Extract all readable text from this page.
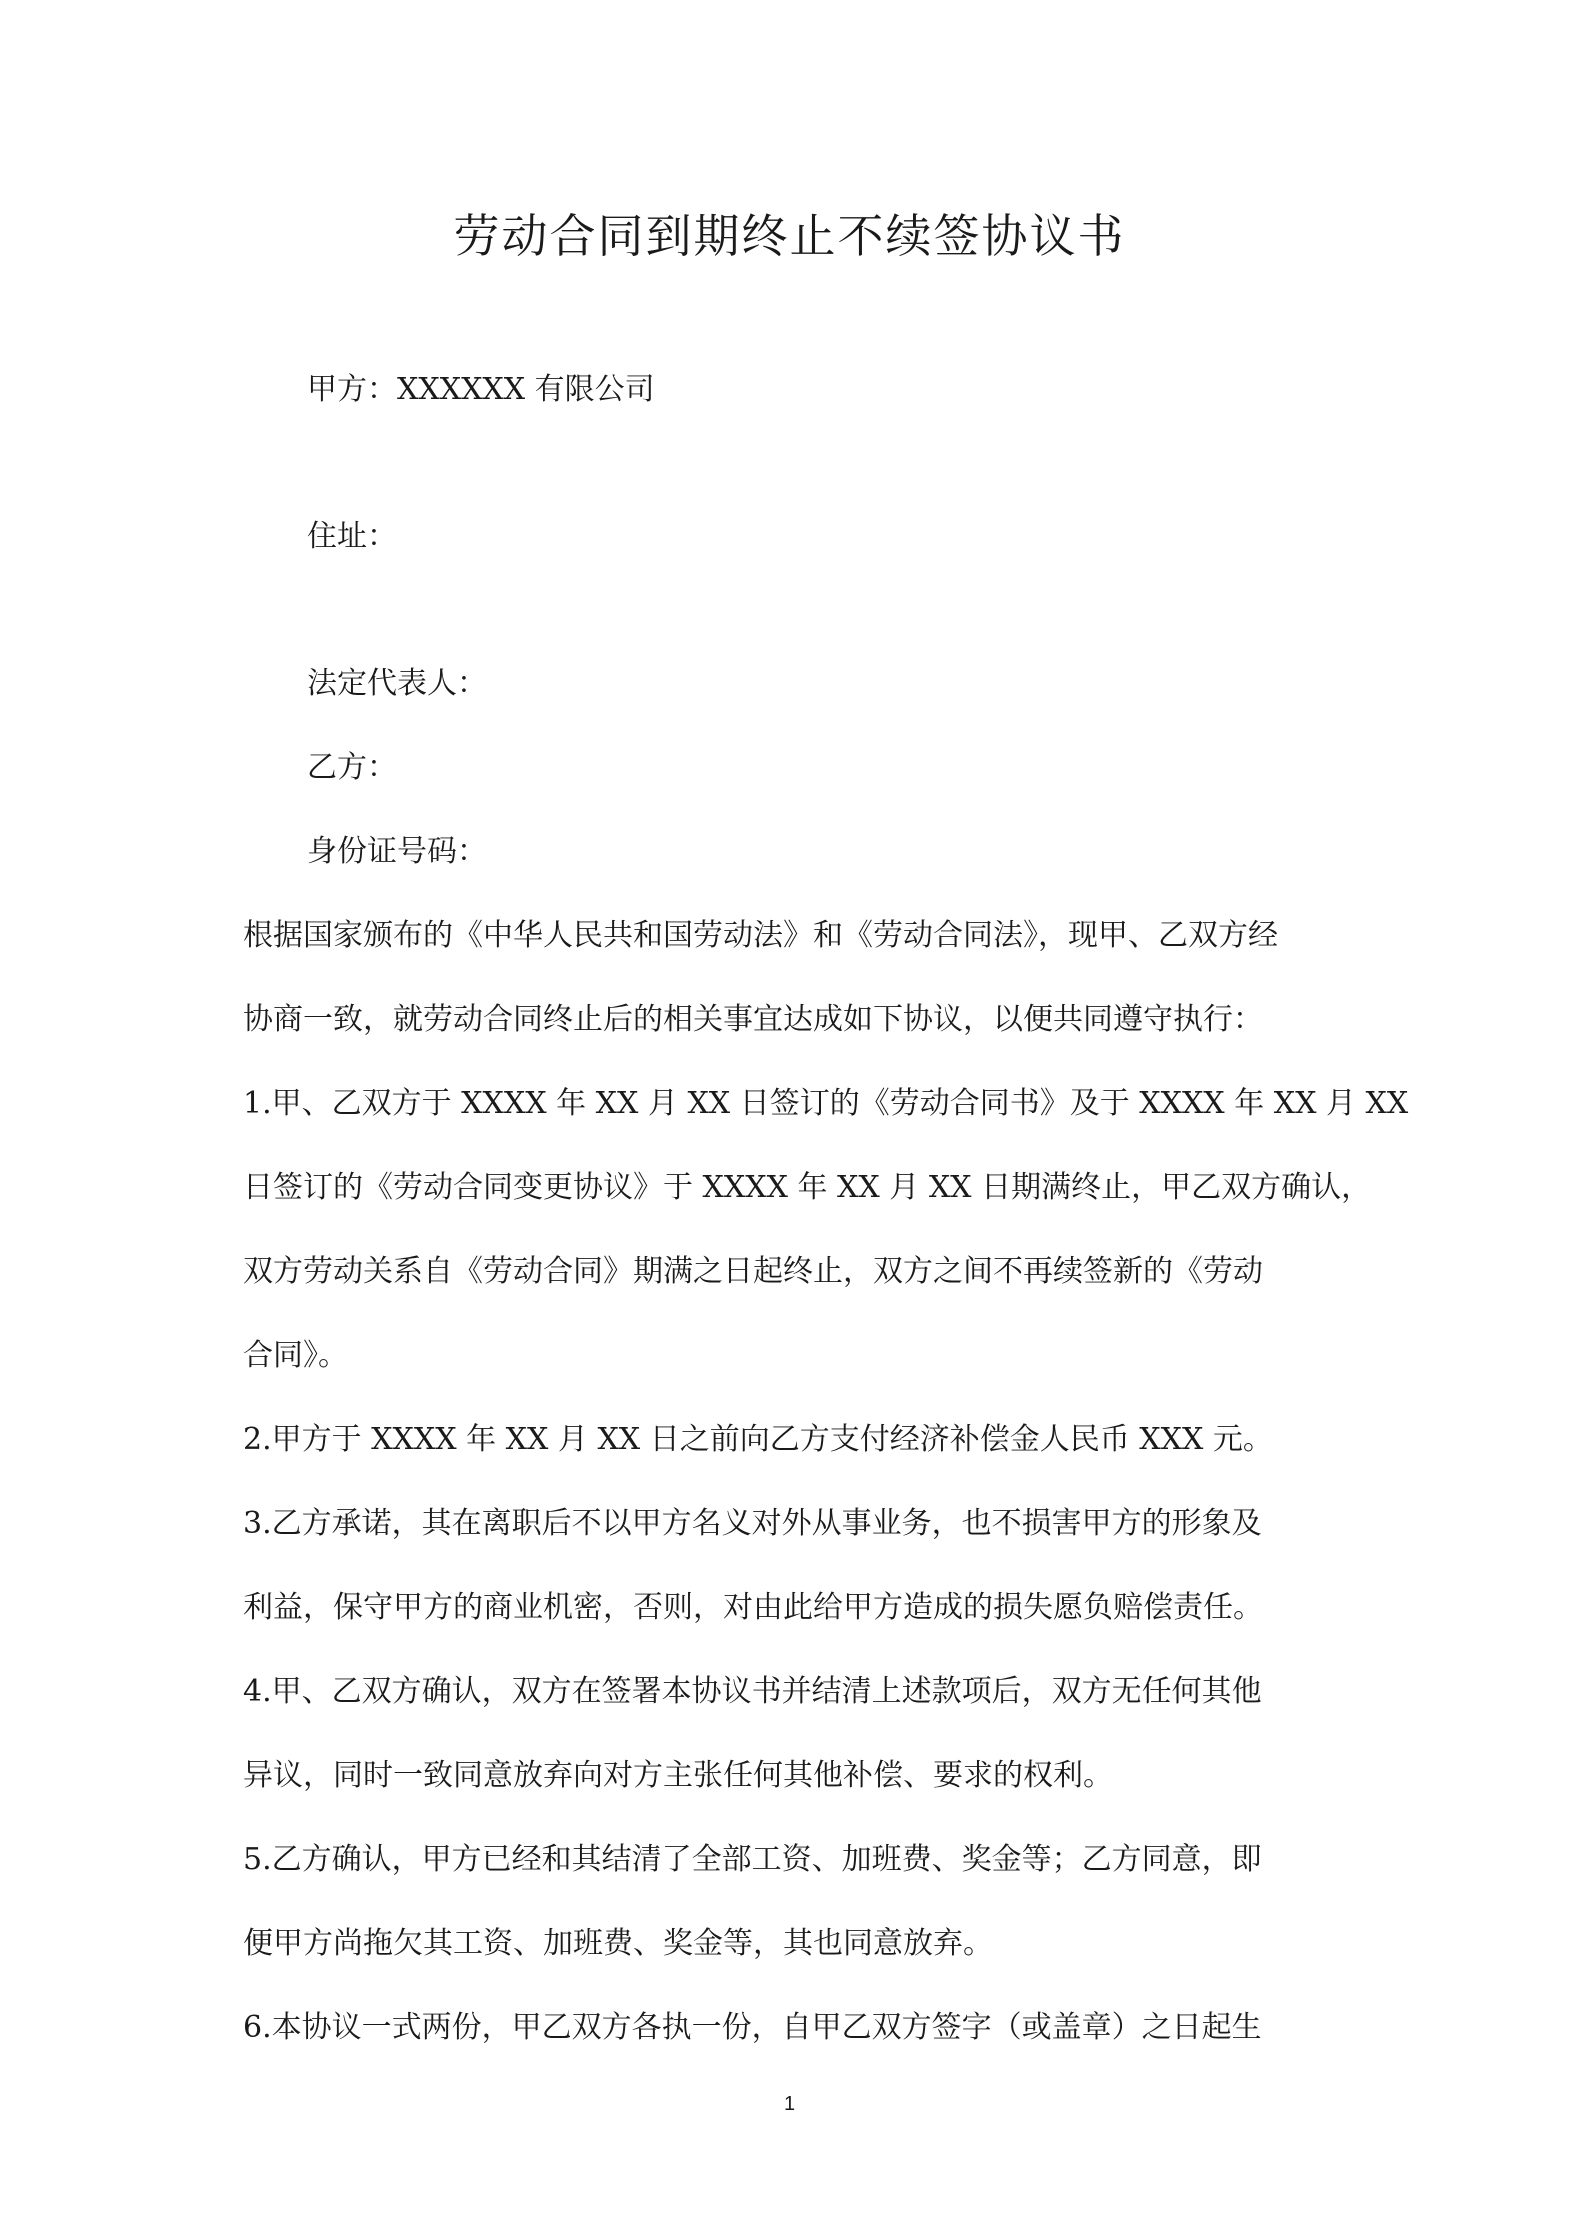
劳动合同到期终止不续签协议书

甲方：XXXXXX 有限公司

住址：

法定代表人：

乙方：

身份证号码：

根据国家颁布的《中华人民共和国劳动法》和《劳动合同法》，现甲、乙双方经

协商一致，就劳动合同终止后的相关事宜达成如下协议，以便共同遵守执行：

1.甲、乙双方于 XXXX 年 XX 月 XX 日签订的《劳动合同书》及于 XXXX 年 XX 月 XX

日签订的《劳动合同变更协议》于 XXXX 年 XX 月 XX 日期满终止，甲乙双方确认，

双方劳动关系自《劳动合同》期满之日起终止，双方之间不再续签新的《劳动

合同》。

2.甲方于 XXXX 年 XX 月 XX 日之前向乙方支付经济补偿金人民币 XXX 元。

3.乙方承诺，其在离职后不以甲方名义对外从事业务，也不损害甲方的形象及

利益，保守甲方的商业机密，否则，对由此给甲方造成的损失愿负赔偿责任。

4.甲、乙双方确认，双方在签署本协议书并结清上述款项后，双方无任何其他

异议，同时一致同意放弃向对方主张任何其他补偿、要求的权利。

5.乙方确认，甲方已经和其结清了全部工资、加班费、奖金等；乙方同意，即

便甲方尚拖欠其工资、加班费、奖金等，其也同意放弃。

6.本协议一式两份，甲乙双方各执一份，自甲乙双方签字（或盖章）之日起生

1
